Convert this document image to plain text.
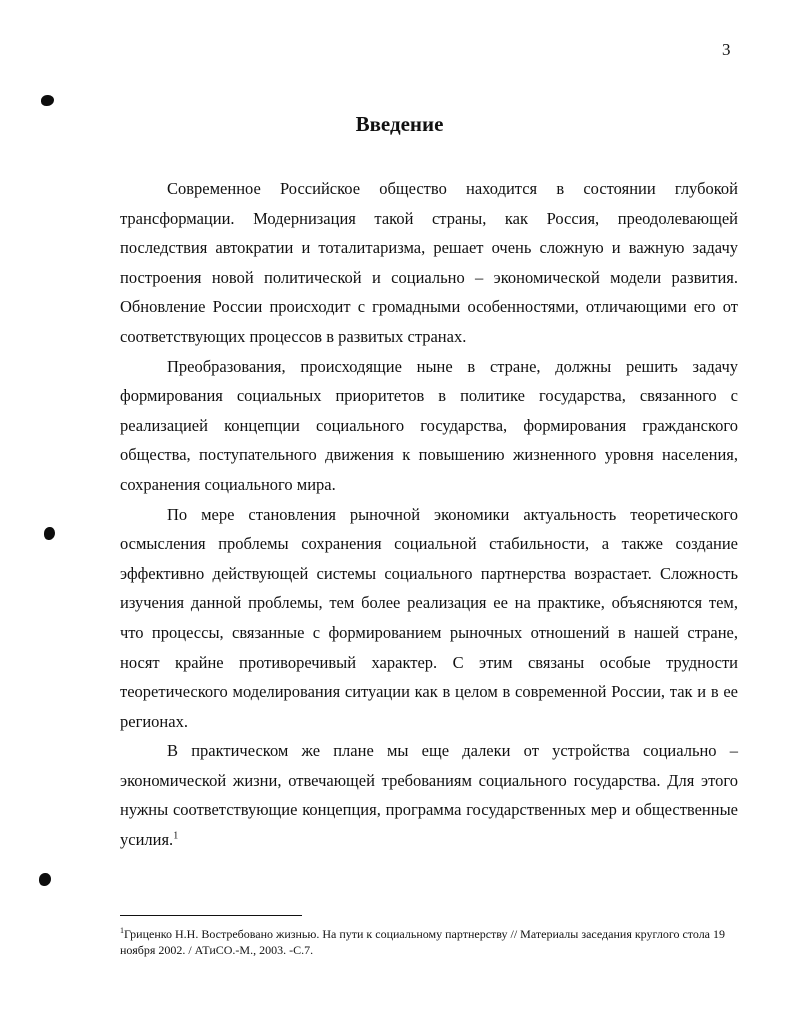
3
Введение

Современное Российское общество находится в состоянии глубокой трансформации. Модернизация такой страны, как Россия, преодолевающей последствия автократии и тоталитаризма, решает очень сложную и важную задачу построения новой политической и социально – экономической модели развития. Обновление России происходит с громадными особенностями, отличающими его от соответствующих процессов в развитых странах.

Преобразования, происходящие ныне в стране, должны решить задачу формирования социальных приоритетов в политике государства, связанного с реализацией концепции социального государства, формирования гражданского общества, поступательного движения к повышению жизненного уровня населения, сохранения социального мира.

По мере становления рыночной экономики актуальность теоретического осмысления проблемы сохранения социальной стабильности, а также создание эффективно действующей системы социального партнерства возрастает. Сложность изучения данной проблемы, тем более реализация ее на практике, объясняются тем, что процессы, связанные с формированием рыночных отношений в нашей стране, носят крайне противоречивый характер. С этим связаны особые трудности теоретического моделирования ситуации как в целом в современной России, так и в ее регионах.

В практическом же плане мы еще далеки от устройства социально – экономической жизни, отвечающей требованиям социального государства. Для этого нужны соответствующие концепция, программа государственных мер и общественные усилия.$^1$

$^1$Гриценко Н.Н. Востребовано жизнью. На пути к социальному партнерству // Материалы заседания круглого стола 19 ноября 2002. / АТиСО.-М., 2003. -С.7.
